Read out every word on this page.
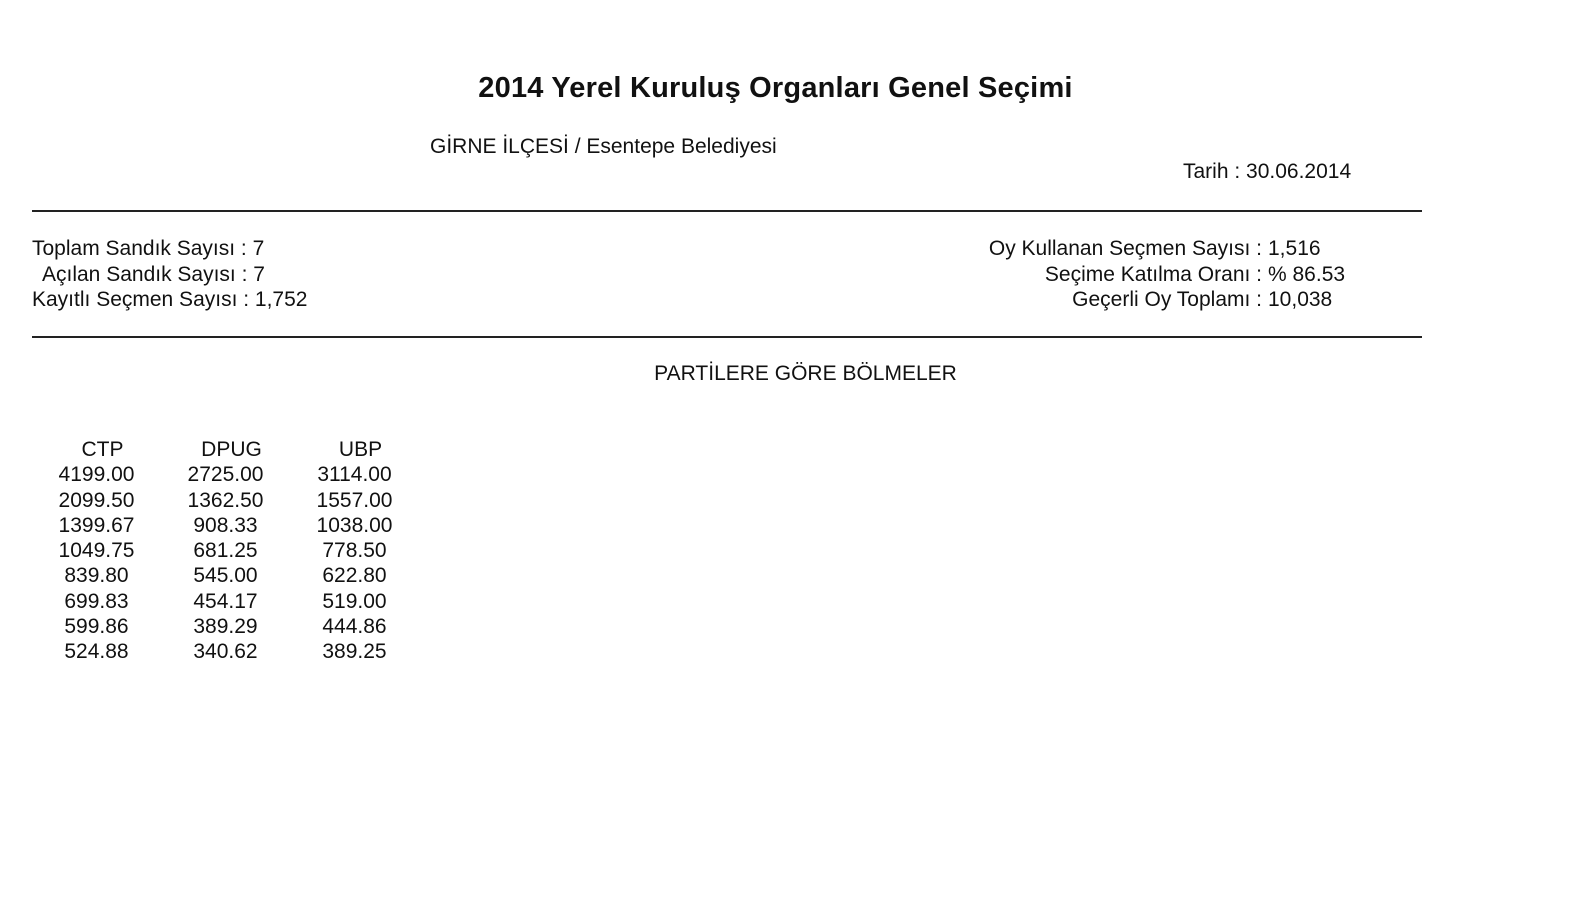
2014 Yerel Kuruluş Organları Genel Seçimi
GİRNE İLÇESİ / Esentepe Belediyesi
Tarih : 30.06.2014
Toplam Sandık Sayısı : 7
Açılan Sandık Sayısı : 7
Kayıtlı Seçmen Sayısı : 1,752
Oy Kullanan Seçmen Sayısı : 1,516
Seçime Katılma Oranı : % 86.53
Geçerli Oy Toplamı : 10,038
PARTİLERE GÖRE BÖLMELER
CTP	DPUG	UBP
4199.00	2725.00	3114.00
2099.50	1362.50	1557.00
1399.67	908.33	1038.00
1049.75	681.25	778.50
839.80	545.00	622.80
699.83	454.17	519.00
599.86	389.29	444.86
524.88	340.62	389.25
